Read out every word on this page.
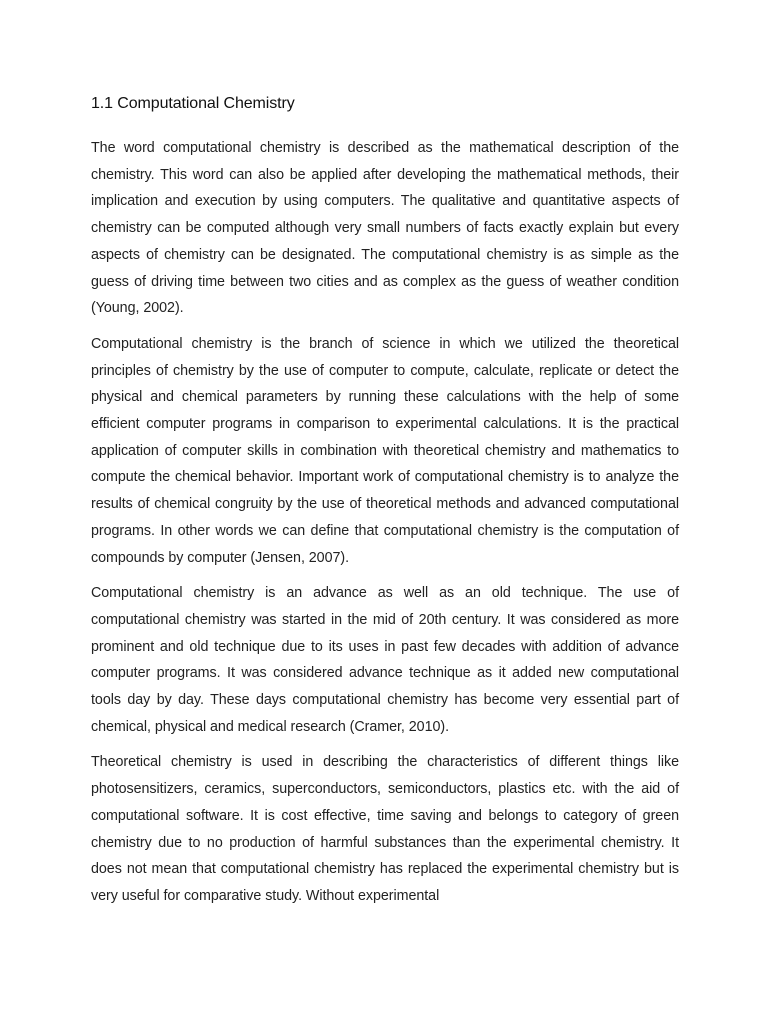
1.1 Computational Chemistry

The word computational chemistry is described as the mathematical description of the chemistry. This word can also be applied after developing the mathematical methods, their implication and execution by using computers. The qualitative and quantitative aspects of chemistry can be computed although very small numbers of facts exactly explain but every aspects of chemistry can be designated. The computational chemistry is as simple as the guess of driving time between two cities and as complex as the guess of weather condition (Young, 2002).

Computational chemistry is the branch of science in which we utilized the theoretical principles of chemistry by the use of computer to compute, calculate, replicate or detect the physical and chemical parameters by running these calculations with the help of some efficient computer programs in comparison to experimental calculations. It is the practical application of computer skills in combination with theoretical chemistry and mathematics to compute the chemical behavior. Important work of computational chemistry is to analyze the results of chemical congruity by the use of theoretical methods and advanced computational programs. In other words we can define that computational chemistry is the computation of compounds by computer (Jensen, 2007).

Computational chemistry is an advance as well as an old technique. The use of computational chemistry was started in the mid of 20th century. It was considered as more prominent and old technique due to its uses in past few decades with addition of advance computer programs. It was considered advance technique as it added new computational tools day by day. These days computational chemistry has become very essential part of chemical, physical and medical research (Cramer, 2010).

Theoretical chemistry is used in describing the characteristics of different things like photosensitizers, ceramics, superconductors, semiconductors, plastics etc. with the aid of computational software. It is cost effective, time saving and belongs to category of green chemistry due to no production of harmful substances than the experimental chemistry. It does not mean that computational chemistry has replaced the experimental chemistry but is very useful for comparative study. Without experimental
